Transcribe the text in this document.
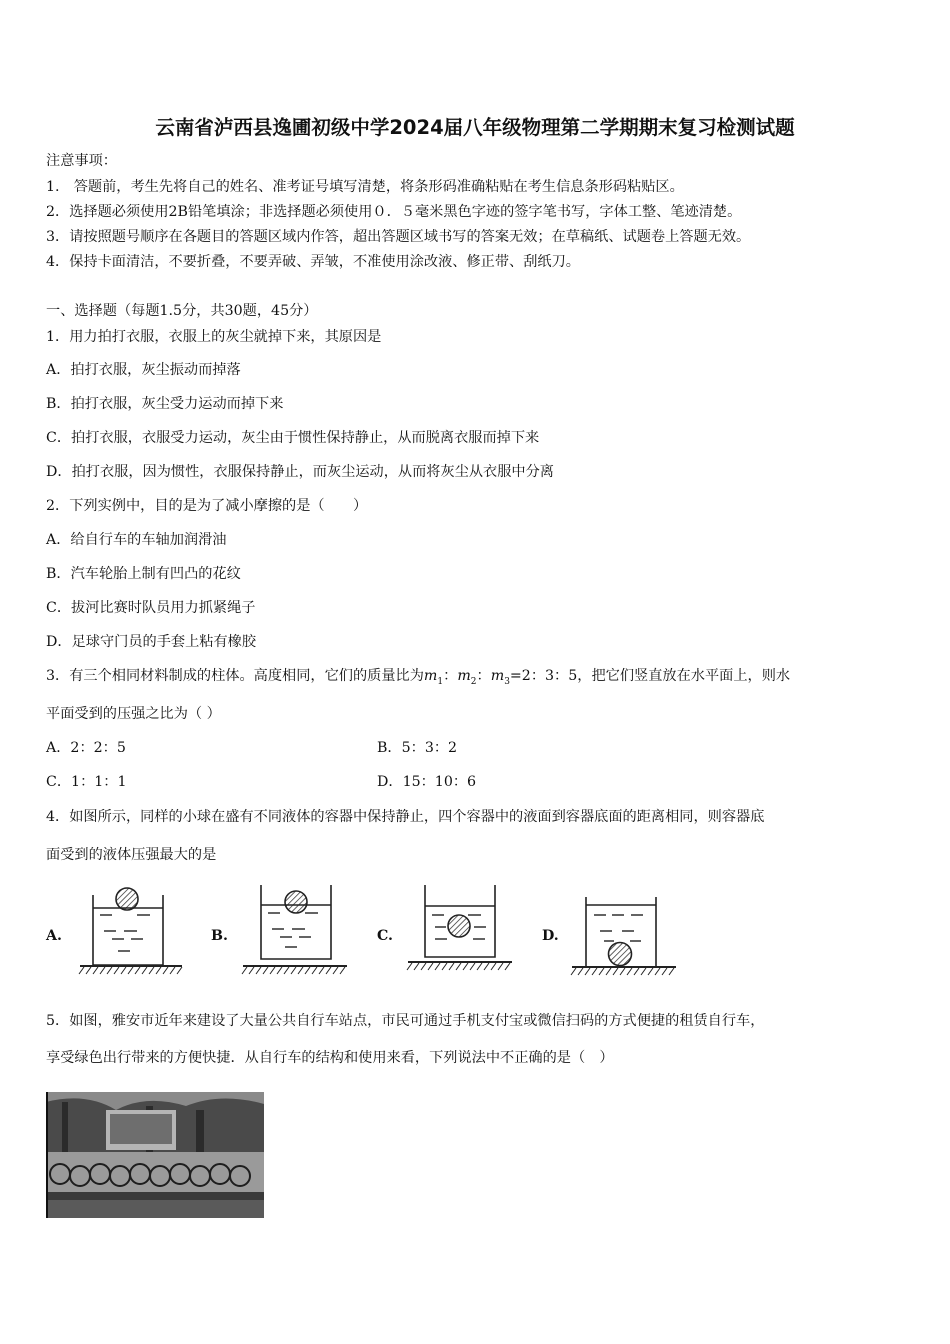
云南省泸西县逸圃初级中学2024届八年级物理第二学期期末复习检测试题
注意事项：
1.　答题前，考生先将自己的姓名、准考证号填写清楚，将条形码准确粘贴在考生信息条形码粘贴区。
2．选择题必须使用2B铅笔填涂；非选择题必须使用０．５毫米黑色字迹的签字笔书写，字体工整、笔迹清楚。
3．请按照题号顺序在各题目的答题区域内作答，超出答题区域书写的答案无效；在草稿纸、试题卷上答题无效。
4．保持卡面清洁，不要折叠，不要弄破、弄皱，不准使用涂改液、修正带、刮纸刀。
一、选择题（每题1.5分，共30题，45分）
1．用力拍打衣服，衣服上的灰尘就掉下来，其原因是
A．拍打衣服，灰尘振动而掉落
B．拍打衣服，灰尘受力运动而掉下来
C．拍打衣服，衣服受力运动，灰尘由于惯性保持静止，从而脱离衣服而掉下来
D．拍打衣服，因为惯性，衣服保持静止，而灰尘运动，从而将灰尘从衣服中分离
2．下列实例中，目的是为了减小摩擦的是（　　）
A．给自行车的车轴加润滑油
B．汽车轮胎上制有凹凸的花纹
C．拔河比赛时队员用力抓紧绳子
D．足球守门员的手套上粘有橡胶
3．有三个相同材料制成的柱体。高度相同，它们的质量比为$m_1$：$m_2$：$m_3=2$：3：5，把它们竖直放在水平面上，则水
平面受到的压强之比为（ ）
A．2：2：5	B．5：3：2
C．1：1：1	D．15：10：6
4．如图所示，同样的小球在盛有不同液体的容器中保持静止，四个容器中的液面到容器底面的距离相同，则容器底
面受到的液体压强最大的是
A.	B.	C.	D.
5．如图，雅安市近年来建设了大量公共自行车站点，市民可通过手机支付宝或微信扫码的方式便捷的租赁自行车，
享受绿色出行带来的方便快捷．从自行车的结构和使用来看，下列说法中不正确的是（　）
